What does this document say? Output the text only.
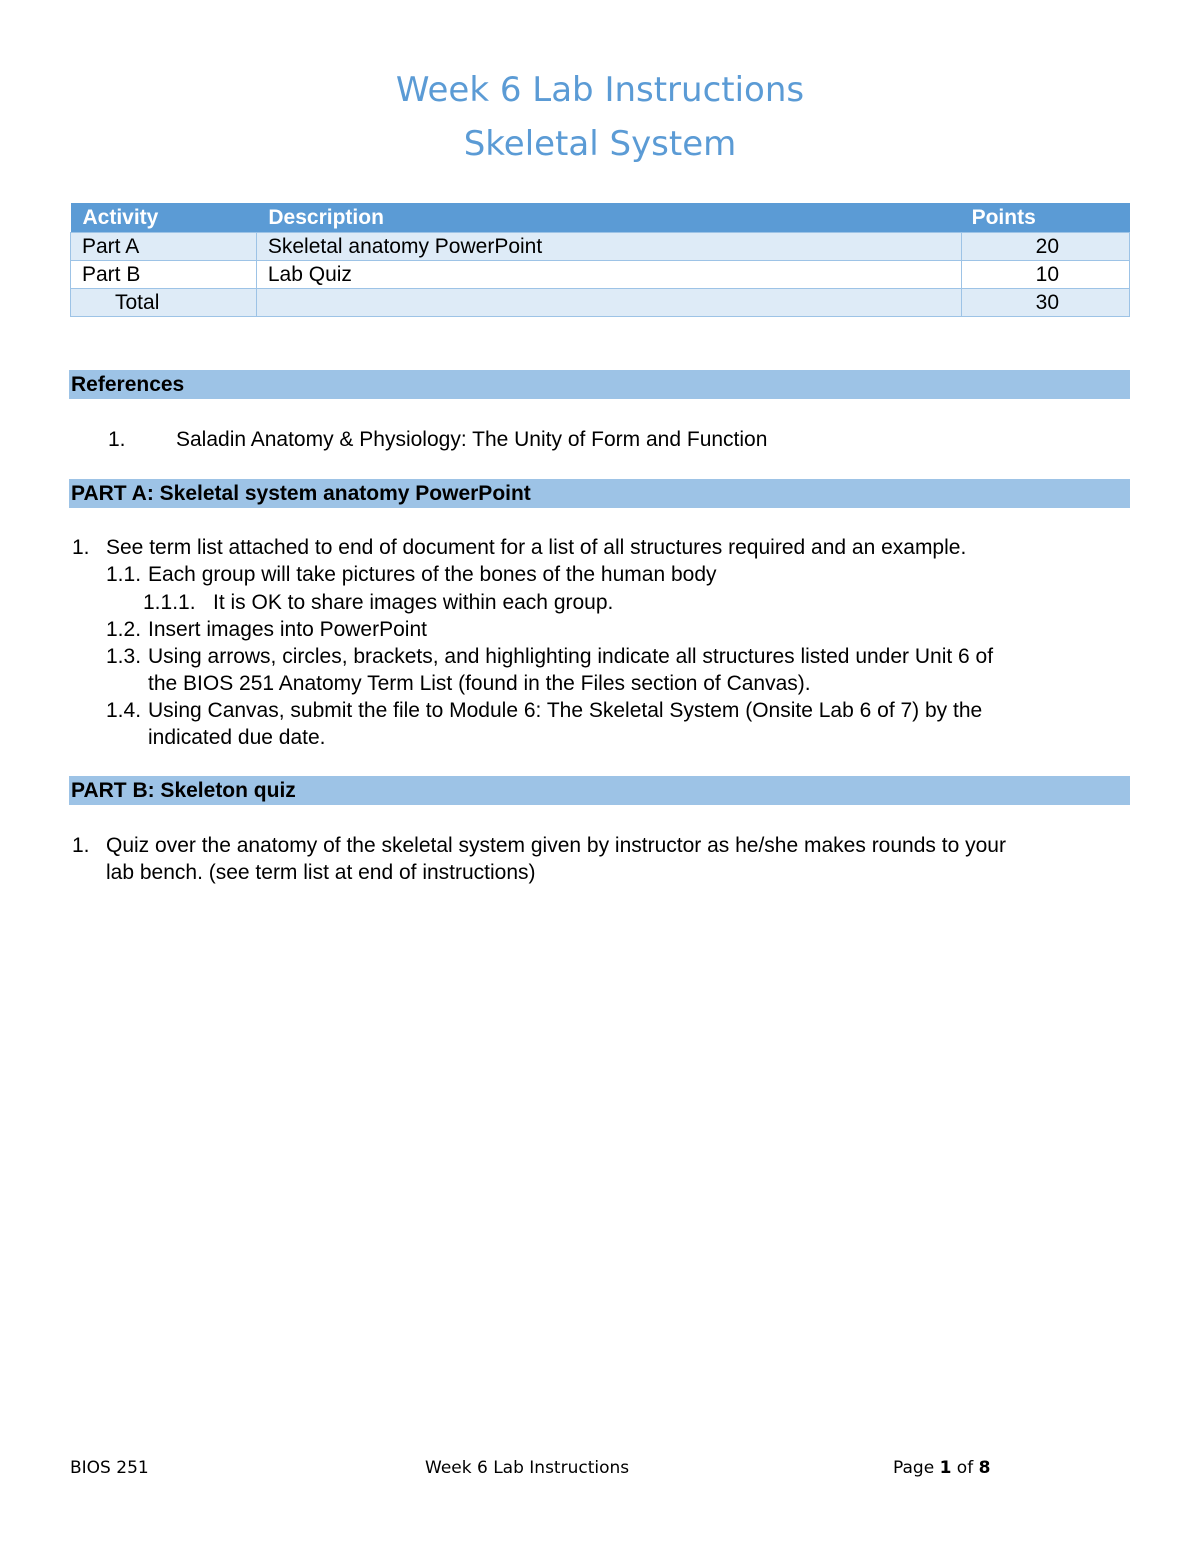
Week 6 Lab Instructions
Skeletal System
Activity	Description	Points
Part A	Skeletal anatomy PowerPoint	20
Part B	Lab Quiz	10
Total		30
References
1. Saladin Anatomy & Physiology: The Unity of Form and Function
PART A: Skeletal system anatomy PowerPoint
1. See term list attached to end of document for a list of all structures required and an example.
1.1. Each group will take pictures of the bones of the human body
1.1.1. It is OK to share images within each group.
1.2. Insert images into PowerPoint
1.3. Using arrows, circles, brackets, and highlighting indicate all structures listed under Unit 6 of
the BIOS 251 Anatomy Term List (found in the Files section of Canvas).
1.4. Using Canvas, submit the file to Module 6: The Skeletal System (Onsite Lab 6 of 7) by the
indicated due date.
PART B: Skeleton quiz
1. Quiz over the anatomy of the skeletal system given by instructor as he/she makes rounds to your
lab bench. (see term list at end of instructions)
BIOS 251	Week 6 Lab Instructions	Page 1 of 8
